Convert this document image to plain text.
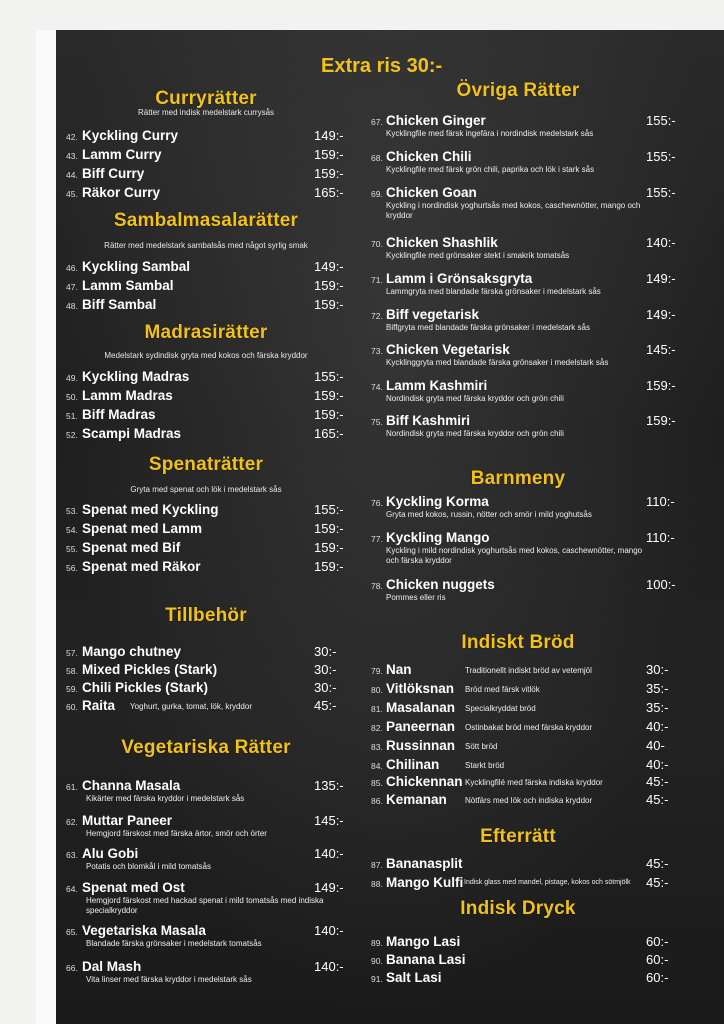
Extra ris 30:-
Curryrätter
Rätter med indisk medelstark currysås
42. Kyckling Curry	149:-
43. Lamm Curry	159:-
44. Biff Curry	159:-
45. Räkor Curry	165:-
Sambalmasalarätter
Rätter med medelstark sambalsås med något syrlig smak
46. Kyckling Sambal	149:-
47. Lamm Sambal	159:-
48. Biff Sambal	159:-
Madrasirätter
Medelstark sydindisk gryta med kokos och färska kryddor
49. Kyckling Madras	155:-
50. Lamm Madras	159:-
51. Biff Madras	159:-
52. Scampi Madras	165:-
Spenaträtter
Gryta med spenat och lök i medelstark sås
53. Spenat med Kyckling	155:-
54. Spenat med Lamm	159:-
55. Spenat med Bif	159:-
56. Spenat med Räkor	159:-
Tillbehör
57. Mango chutney	30:-
58. Mixed Pickles (Stark)	30:-
59. Chili Pickles (Stark)	30:-
60. Raita	45:-
Yoghurt, gurka, tomat, lök, kryddor
Vegetariska Rätter
61. Channa Masala	135:-
Kikärter med färska kryddor i medelstark sås
62. Muttar Paneer	145:-
Hemgjord färskost med färska ärtor, smör och örter
63. Alu Gobi	140:-
Potatis och blomkål i mild tomatsås
64. Spenat med Ost	149:-
Hemgjord färskost med hackad spenat i mild tomatsås med indiska specialkryddor
65. Vegetariska Masala	140:-
Blandade färska grönsaker i medelstark tomatsås
66. Dal Mash	140:-
Vita linser med färska kryddor i medelstark sås
Övriga Rätter
67. Chicken Ginger	155:-
Kycklingfile med färsk ingefära i nordindisk medelstark sås
68. Chicken Chili	155:-
Kycklingfile med färsk grön chili, paprika och lök i stark sås
69. Chicken Goan	155:-
Kyckling i nordindisk yoghurtsås med kokos, caschewnötter, mango och kryddor
70. Chicken Shashlik	140:-
Kycklingfile med grönsaker stekt i smakrik tomatsås
71. Lamm i Grönsaksgryta	149:-
Lammgryta med blandade färska grönsaker i medelstark sås
72. Biff vegetarisk	149:-
Biffgryta med blandade färska grönsaker i medelstark sås
73. Chicken Vegetarisk	145:-
Kycklinggryta med blandade färska grönsaker i medelstark sås
74. Lamm Kashmiri	159:-
Nordindisk gryta med färska kryddor och grön chili
75. Biff Kashmiri	159:-
Nordindisk gryta med färska kryddor och grön chili
Barnmeny
76. Kyckling Korma	110:-
Gryta med kokos, russin, nötter och smör i mild yoghutsås
77. Kyckling Mango	110:-
Kyckling i mild nordindisk yoghurtsås med kokos, caschewnötter, mango och färska kryddor
78. Chicken nuggets	100:-
Pommes eller ris
Indiskt Bröd
79. Nan	30:-
Traditionellt indiskt bröd av vetemjöl
80. Vitlöksnan	35:-
Bröd med färsk vitlök
81. Masalanan	35:-
Specialkryddat bröd
82. Paneernan	40:-
Ostinbakat bröd med färska kryddor
83. Russinnan	40-
Sött bröd
84. Chilinan	40:-
Starkt bröd
85. Chickennan	45:-
Kycklingfilé med färska indiska kryddor
86. Kemanan	45:-
Nötfärs med lök och indiska kryddor
Efterrätt
87. Bananasplit	45:-
88. Mango Kulfi	45:-
Indisk glass med mandel, pistage, kokos och sötmjölk
Indisk Dryck
89. Mango Lasi	60:-
90. Banana Lasi	60:-
91. Salt Lasi	60:-
